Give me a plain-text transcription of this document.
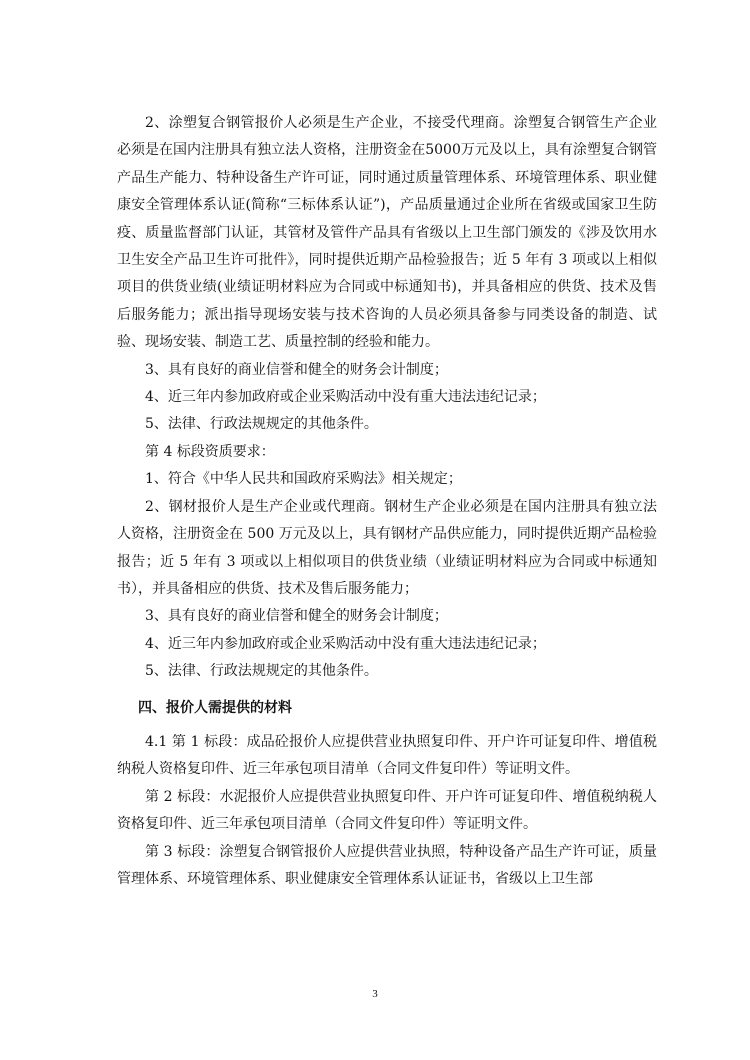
2、涂塑复合钢管报价人必须是生产企业，不接受代理商。涂塑复合钢管生产企业必须是在国内注册具有独立法人资格，注册资金在5000万元及以上，具有涂塑复合钢管产品生产能力、特种设备生产许可证，同时通过质量管理体系、环境管理体系、职业健康安全管理体系认证(简称“三标体系认证”)，产品质量通过企业所在省级或国家卫生防疫、质量监督部门认证，其管材及管件产品具有省级以上卫生部门颁发的《涉及饮用水卫生安全产品卫生许可批件》，同时提供近期产品检验报告；近 5 年有 3 项或以上相似项目的供货业绩(业绩证明材料应为合同或中标通知书)，并具备相应的供货、技术及售后服务能力；派出指导现场安装与技术咨询的人员必须具备参与同类设备的制造、试验、现场安装、制造工艺、质量控制的经验和能力。

3、具有良好的商业信誉和健全的财务会计制度；

4、近三年内参加政府或企业采购活动中没有重大违法违纪记录；

5、法律、行政法规规定的其他条件。

第 4 标段资质要求：

1、符合《中华人民共和国政府采购法》相关规定；

2、钢材报价人是生产企业或代理商。钢材生产企业必须是在国内注册具有独立法人资格，注册资金在 500 万元及以上，具有钢材产品供应能力，同时提供近期产品检验报告；近 5 年有 3 项或以上相似项目的供货业绩（业绩证明材料应为合同或中标通知书），并具备相应的供货、技术及售后服务能力；

3、具有良好的商业信誉和健全的财务会计制度；

4、近三年内参加政府或企业采购活动中没有重大违法违纪记录；

5、法律、行政法规规定的其他条件。

四、报价人需提供的材料

4.1 第 1 标段：成品砼报价人应提供营业执照复印件、开户许可证复印件、增值税纳税人资格复印件、近三年承包项目清单（合同文件复印件）等证明文件。

第 2 标段：水泥报价人应提供营业执照复印件、开户许可证复印件、增值税纳税人资格复印件、近三年承包项目清单（合同文件复印件）等证明文件。

第 3 标段：涂塑复合钢管报价人应提供营业执照，特种设备产品生产许可证，质量管理体系、环境管理体系、职业健康安全管理体系认证证书，省级以上卫生部

3
